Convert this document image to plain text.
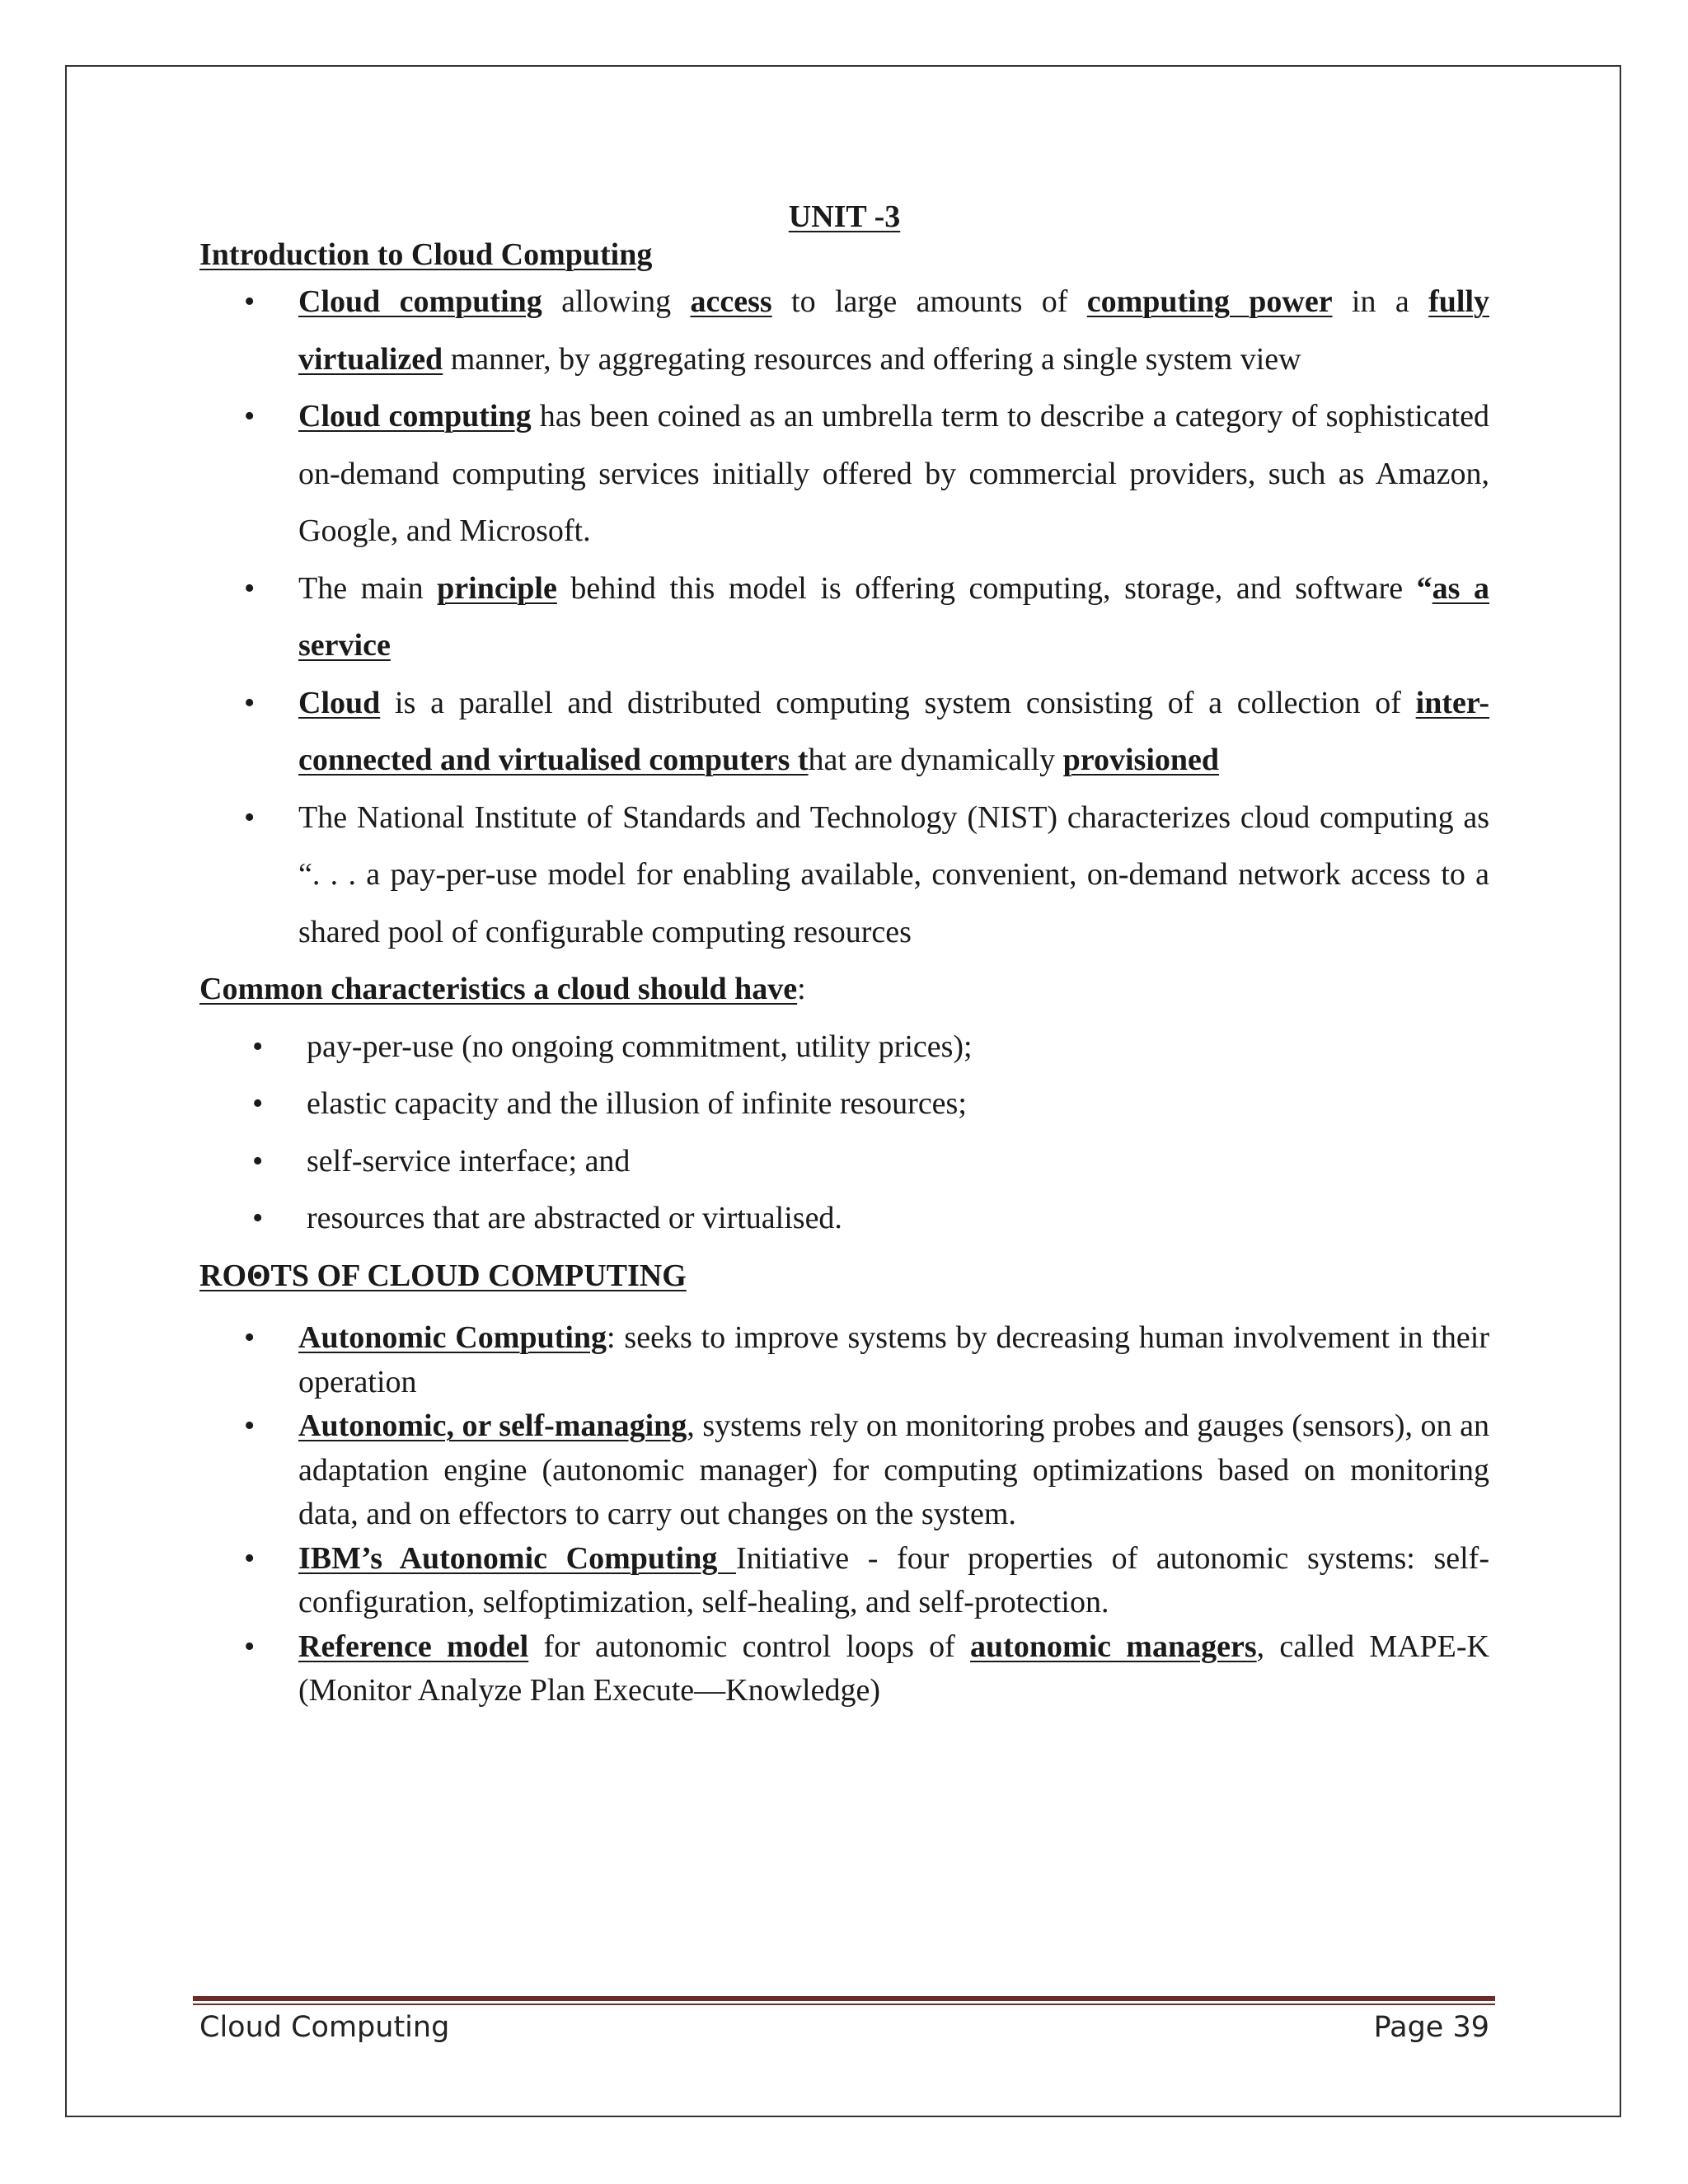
UNIT -3

Introduction to Cloud Computing

• Cloud computing allowing access to large amounts of computing power in a fully virtualized manner, by aggregating resources and offering a single system view
• Cloud computing has been coined as an umbrella term to describe a category of sophisticated on-demand computing services initially offered by commercial providers, such as Amazon, Google, and Microsoft.
• The main principle behind this model is offering computing, storage, and software “as a service
• Cloud is a parallel and distributed computing system consisting of a collection of inter-connected and virtualised computers that are dynamically provisioned
• The National Institute of Standards and Technology (NIST) characterizes cloud computing as “. . . a pay-per-use model for enabling available, convenient, on-demand network access to a shared pool of configurable computing resources

Common characteristics a cloud should have:

• pay-per-use (no ongoing commitment, utility prices);
• elastic capacity and the illusion of infinite resources;
• self-service interface; and
• resources that are abstracted or virtualised.

ROOTS OF CLOUD COMPUTING

• Autonomic Computing: seeks to improve systems by decreasing human involvement in their operation
• Autonomic, or self-managing, systems rely on monitoring probes and gauges (sensors), on an adaptation engine (autonomic manager) for computing optimizations based on monitoring data, and on effectors to carry out changes on the system.
• IBM’s Autonomic Computing Initiative - four properties of autonomic systems: self-configuration, selfoptimization, self-healing, and self-protection.
• Reference model for autonomic control loops of autonomic managers, called MAPE-K (Monitor Analyze Plan Execute—Knowledge)
Cloud Computing	Page 39
